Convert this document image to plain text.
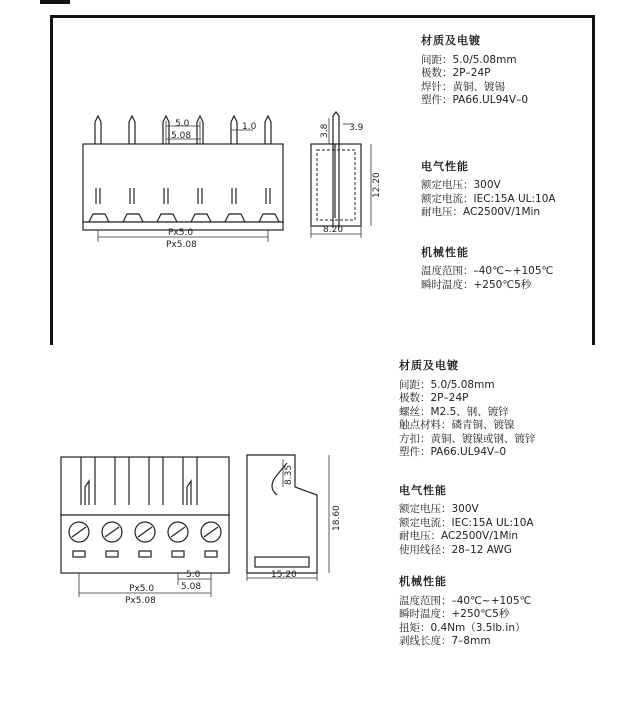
5.0
5.08
1.0
Px5.0
Px5.08
3.8 3.9
12.20
8.20
材质及电镀
间距：5.0/5.08mm
极数：2P–24P
焊针：黄铜、镀锡
塑件：PA66.UL94V–0
电气性能
额定电压：300V
额定电流：IEC:15A UL:10A
耐电压：AC2500V/1Min
机械性能
温度范围：–40℃~+105℃
瞬时温度：+250℃5秒
5.0
5.08
Px5.0
Px5.08
8.35
18.60
15.20
材质及电镀
间距：5.0/5.08mm
极数：2P–24P
螺丝：M2.5、钢、镀锌
触点材料：磷青铜、镀镍
方扣：黄铜、镀镍或钢、镀锌
塑件：PA66.UL94V–0
电气性能
额定电压：300V
额定电流：IEC:15A UL:10A
耐电压：AC2500V/1Min
使用线径：28–12 AWG
机械性能
温度范围：–40℃~+105℃
瞬时温度：+250℃5秒
扭矩：0.4Nm（3.5lb.in）
剥线长度：7–8mm
